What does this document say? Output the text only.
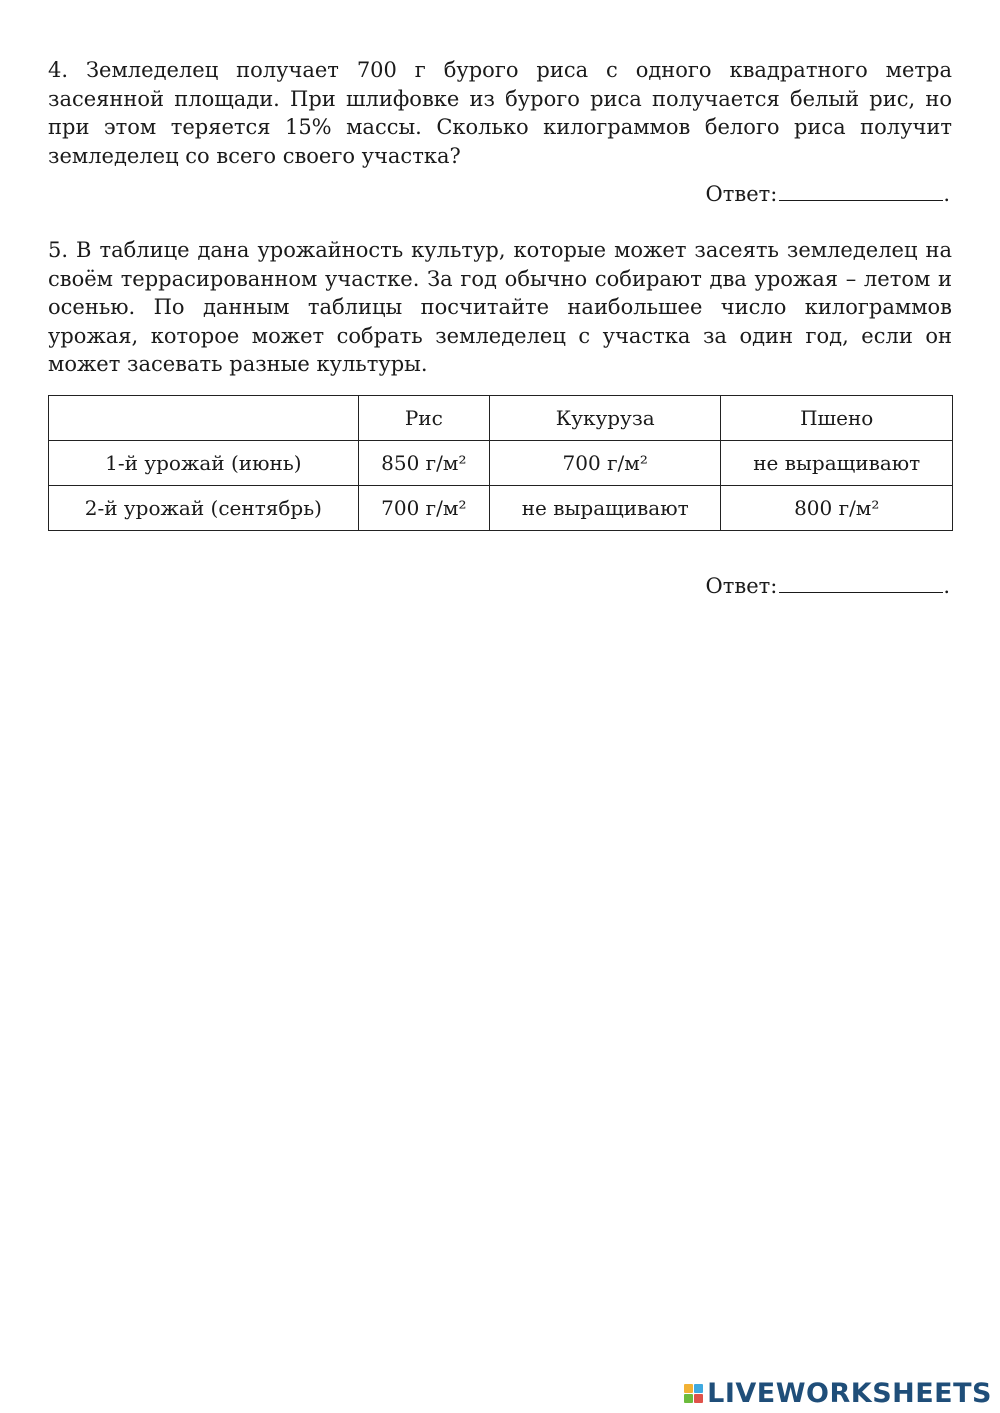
4. Земледелец получает 700 г бурого риса с одного квадратного метра засеянной площади. При шлифовке из бурого риса получается белый рис, но при этом теряется 15% массы. Сколько килограммов белого риса получит земледелец со всего своего участка?

Ответ:	.

5. В таблице дана урожайность культур, которые может засеять земледелец на своём террасированном участке. За год обычно собирают два урожая – летом и осенью. По данным таблицы посчитайте наибольшее число килограммов урожая, которое может собрать земледелец с участка за один год, если он может засевать разные культуры.

	Рис	Кукуруза	Пшено
1-й урожай (июнь)	850 г/м²	700 г/м²	не выращивают
2-й урожай (сентябрь)	700 г/м²	не выращивают	800 г/м²
Ответ:	.
LIVEWORKSHEETS
